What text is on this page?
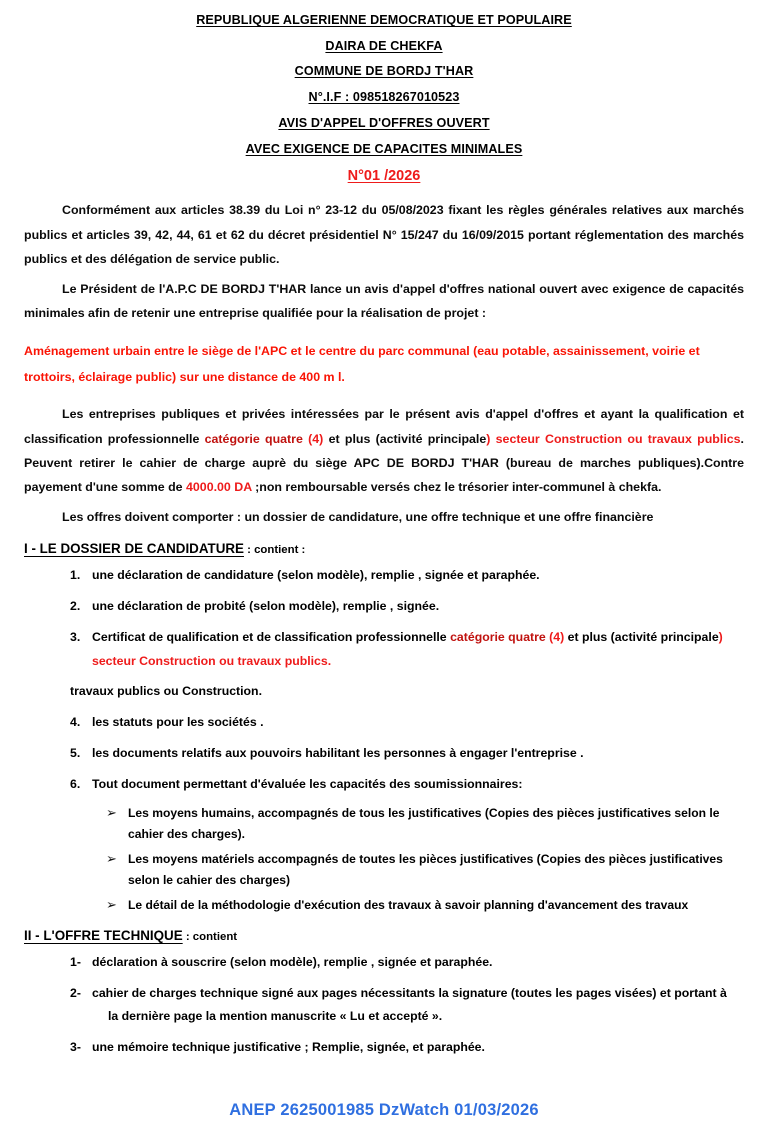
REPUBLIQUE ALGERIENNE DEMOCRATIQUE ET POPULAIRE
DAIRA DE CHEKFA
COMMUNE DE BORDJ T'HAR
N°.I.F : 098518267010523
AVIS D'APPEL D'OFFRES OUVERT
AVEC EXIGENCE DE CAPACITES MINIMALES
N°01 /2026

Conformément aux articles 38.39 du Loi n° 23-12 du 05/08/2023 fixant les règles générales relatives aux marchés publics et articles 39, 42, 44, 61 et 62 du décret présidentiel N° 15/247 du 16/09/2015 portant réglementation des marchés publics et des délégation de service public.

Le Président de l'A.P.C DE BORDJ T'HAR lance un avis d'appel d'offres national ouvert avec exigence de capacités minimales afin de retenir une entreprise qualifiée pour la réalisation de projet :

Aménagement urbain entre le siège de l'APC et le centre du parc communal (eau potable, assainissement, voirie et trottoirs, éclairage public) sur une distance de 400 m l.

Les entreprises publiques et privées intéressées par le présent avis d'appel d'offres et ayant la qualification et classification professionnelle catégorie quatre (4) et plus (activité principale) secteur Construction ou travaux publics. Peuvent retirer le cahier de charge auprè du siège APC DE BORDJ T'HAR (bureau de marches publiques).Contre payement d'une somme de 4000.00 DA ;non remboursable versés chez le trésorier inter-communel à chekfa.

Les offres doivent comporter : un dossier de candidature, une offre technique et une offre financière

I - LE DOSSIER DE CANDIDATURE : contient :
1. une déclaration de candidature (selon modèle), remplie , signée et paraphée.
2. une déclaration de probité (selon modèle), remplie , signée.
3. Certificat de qualification et de classification professionnelle catégorie quatre (4) et plus (activité principale) secteur Construction ou travaux publics.

travaux publics ou Construction.

4. les statuts pour les sociétés .
5. les documents relatifs aux pouvoirs habilitant les personnes à engager l'entreprise .
6. Tout document permettant d'évaluée les capacités des soumissionnaires:
➢ Les moyens humains, accompagnés de tous les justificatives (Copies des pièces justificatives selon le cahier des charges).
➢ Les moyens matériels accompagnés de toutes les pièces justificatives (Copies des pièces justificatives selon le cahier des charges)
➢ Le détail de la méthodologie d'exécution des travaux à savoir planning d'avancement des travaux
II - L'OFFRE TECHNIQUE : contient
1- déclaration à souscrire (selon modèle), remplie , signée et paraphée.
2- cahier de charges technique signé aux pages nécessitants la signature (toutes les pages visées) et portant à
la dernière page la mention manuscrite « Lu et accepté ».
3- une mémoire technique justificative ; Remplie, signée, et paraphée.
ANEP 2625001985 DzWatch 01/03/2026
